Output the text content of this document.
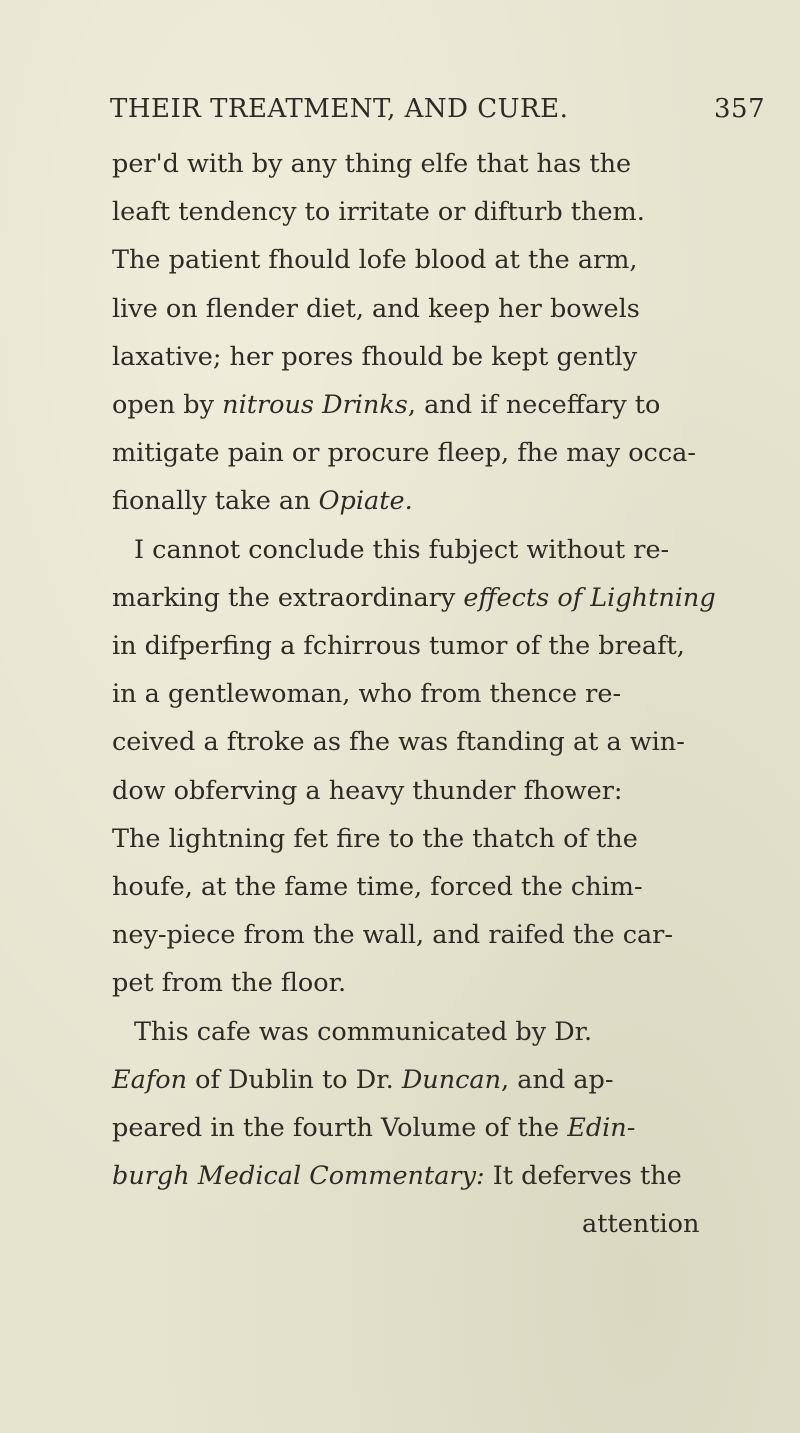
THEIR TREATMENT, AND CURE.	357
per'd with by any thing elfe that has the
leaft tendency to irritate or difturb them.
The patient fhould lofe blood at the arm,
live on flender diet, and keep her bowels
laxative; her pores fhould be kept gently
open by nitrous Drinks, and if neceffary to
mitigate pain or procure fleep, fhe may occa-
fionally take an Opiate.
I cannot conclude this fubject without re-
marking the extraordinary effects of Lightning
in difperfing a fchirrous tumor of the breaft,
in a gentlewoman, who from thence re-
ceived a ftroke as fhe was ftanding at a win-
dow obferving a heavy thunder fhower:
The lightning fet fire to the thatch of the
houfe, at the fame time, forced the chim-
ney-piece from the wall, and raifed the car-
pet from the floor.
This cafe was communicated by Dr.
Eafon of Dublin to Dr. Duncan, and ap-
peared in the fourth Volume of the Edin-
burgh Medical Commentary: It deferves the
attention
